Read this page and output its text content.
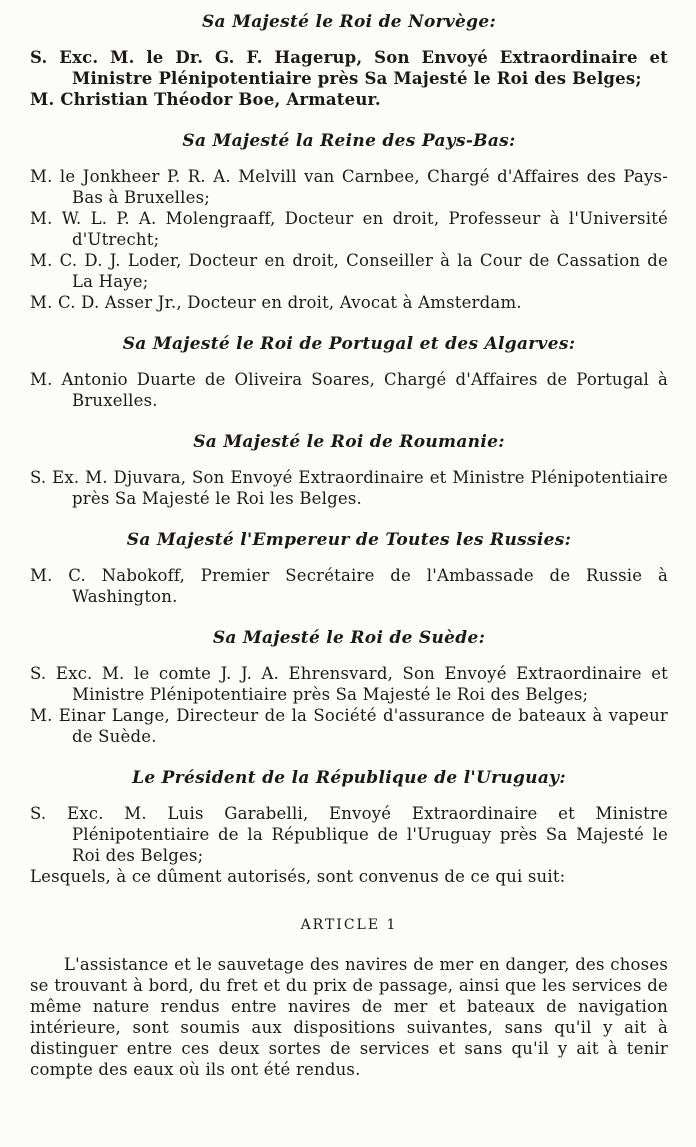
Sa Majesté le Roi de Norvège:

S. Exc. M. le Dr. G. F. Hagerup, Son Envoyé Extraordinaire et Ministre Plénipotentiaire près Sa Majesté le Roi des Belges;

M. Christian Théodor Boe, Armateur.

Sa Majesté la Reine des Pays-Bas:

M. le Jonkheer P. R. A. Melvill van Carnbee, Chargé d'Affaires des Pays-Bas à Bruxelles;

M. W. L. P. A. Molengraaff, Docteur en droit, Professeur à l'Université d'Utrecht;

M. C. D. J. Loder, Docteur en droit, Conseiller à la Cour de Cassation de La Haye;

M. C. D. Asser Jr., Docteur en droit, Avocat à Amsterdam.

Sa Majesté le Roi de Portugal et des Algarves:

M. Antonio Duarte de Oliveira Soares, Chargé d'Affaires de Portugal à Bruxelles.

Sa Majesté le Roi de Roumanie:

S. Ex. M. Djuvara, Son Envoyé Extraordinaire et Ministre Plénipotentiaire près Sa Majesté le Roi les Belges.

Sa Majesté l'Empereur de Toutes les Russies:

M. C. Nabokoff, Premier Secrétaire de l'Ambassade de Russie à Washington.

Sa Majesté le Roi de Suède:

S. Exc. M. le comte J. J. A. Ehrensvard, Son Envoyé Extraordinaire et Ministre Plénipotentiaire près Sa Majesté le Roi des Belges;

M. Einar Lange, Directeur de la Société d'assurance de bateaux à vapeur de Suède.

Le Président de la République de l'Uruguay:

S. Exc. M. Luis Garabelli, Envoyé Extraordinaire et Ministre Plénipotentiaire de la République de l'Uruguay près Sa Majesté le Roi des Belges;

Lesquels, à ce dûment autorisés, sont convenus de ce qui suit:

ARTICLE 1

L'assistance et le sauvetage des navires de mer en danger, des choses se trouvant à bord, du fret et du prix de passage, ainsi que les services de même nature rendus entre navires de mer et bateaux de navigation intérieure, sont soumis aux dispositions suivantes, sans qu'il y ait à distinguer entre ces deux sortes de services et sans qu'il y ait à tenir compte des eaux où ils ont été rendus.
